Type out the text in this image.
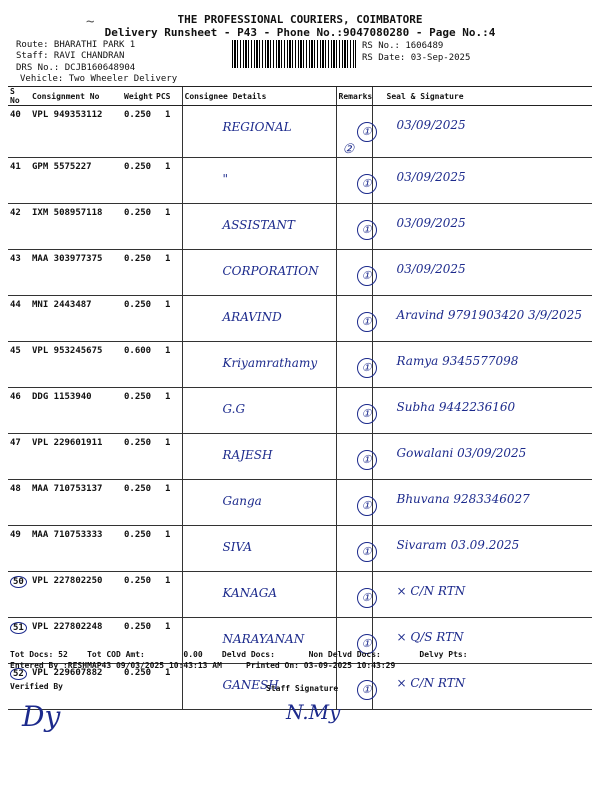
~	THE PROFESSIONAL COURIERS, COIMBATORE
Delivery Runsheet - P43 - Phone No.:9047080280 - Page No.:4
Route: BHARATHI PARK 1
Staff: RAVI CHANDRAN
DRS No.: DCJB160648904
Vehicle: Two Wheeler Delivery
RS No.: 1606489
RS Date: 03-Sep-2025
S No	Consignment No	Weight	PCS	Consignee Details	Remarks	Seal & Signature
40	VPL 949353112	0.250	1	REGIONAL	①②	03/09/2025

41	GPM 5575227	0.250	1	"	①	03/09/2025

42	IXM 508957118	0.250	1	ASSISTANT	①	03/09/2025

43	MAA 303977375	0.250	1	CORPORATION	①	03/09/2025

44	MNI 2443487	0.250	1	ARAVIND	①	Aravind 9791903420 3/9/2025

45	VPL 953245675	0.600	1	Kriyamrathamy	①	Ramya 9345577098

46	DDG 1153940	0.250	1	G.G	①	Subha 9442236160

47	VPL 229601911	0.250	1	RAJESH	①	Gowalani 03/09/2025

48	MAA 710753137	0.250	1	Ganga	①	Bhuvana 9283346027

49	MAA 710753333	0.250	1	SIVA	①	Sivaram 03.09.2025

50	VPL 227802250	0.250	1	KANAGA	①	× C/N RTN

51	VPL 227802248	0.250	1	NARAYANAN	①	× Q/S RTN

52	VPL 229607882	0.250	1	GANESH	①	× C/N RTN
Tot Docs: 52    Tot COD Amt:        0.00    Delvd Docs:       Non Delvd Docs:        Delvy Pts:
Entered By :RESHMAP43 09/03/2025 10:43:13 AM     Printed On: 03-09-2025 10:43:29
Verified By	Staff Signature
Dy	N.My
